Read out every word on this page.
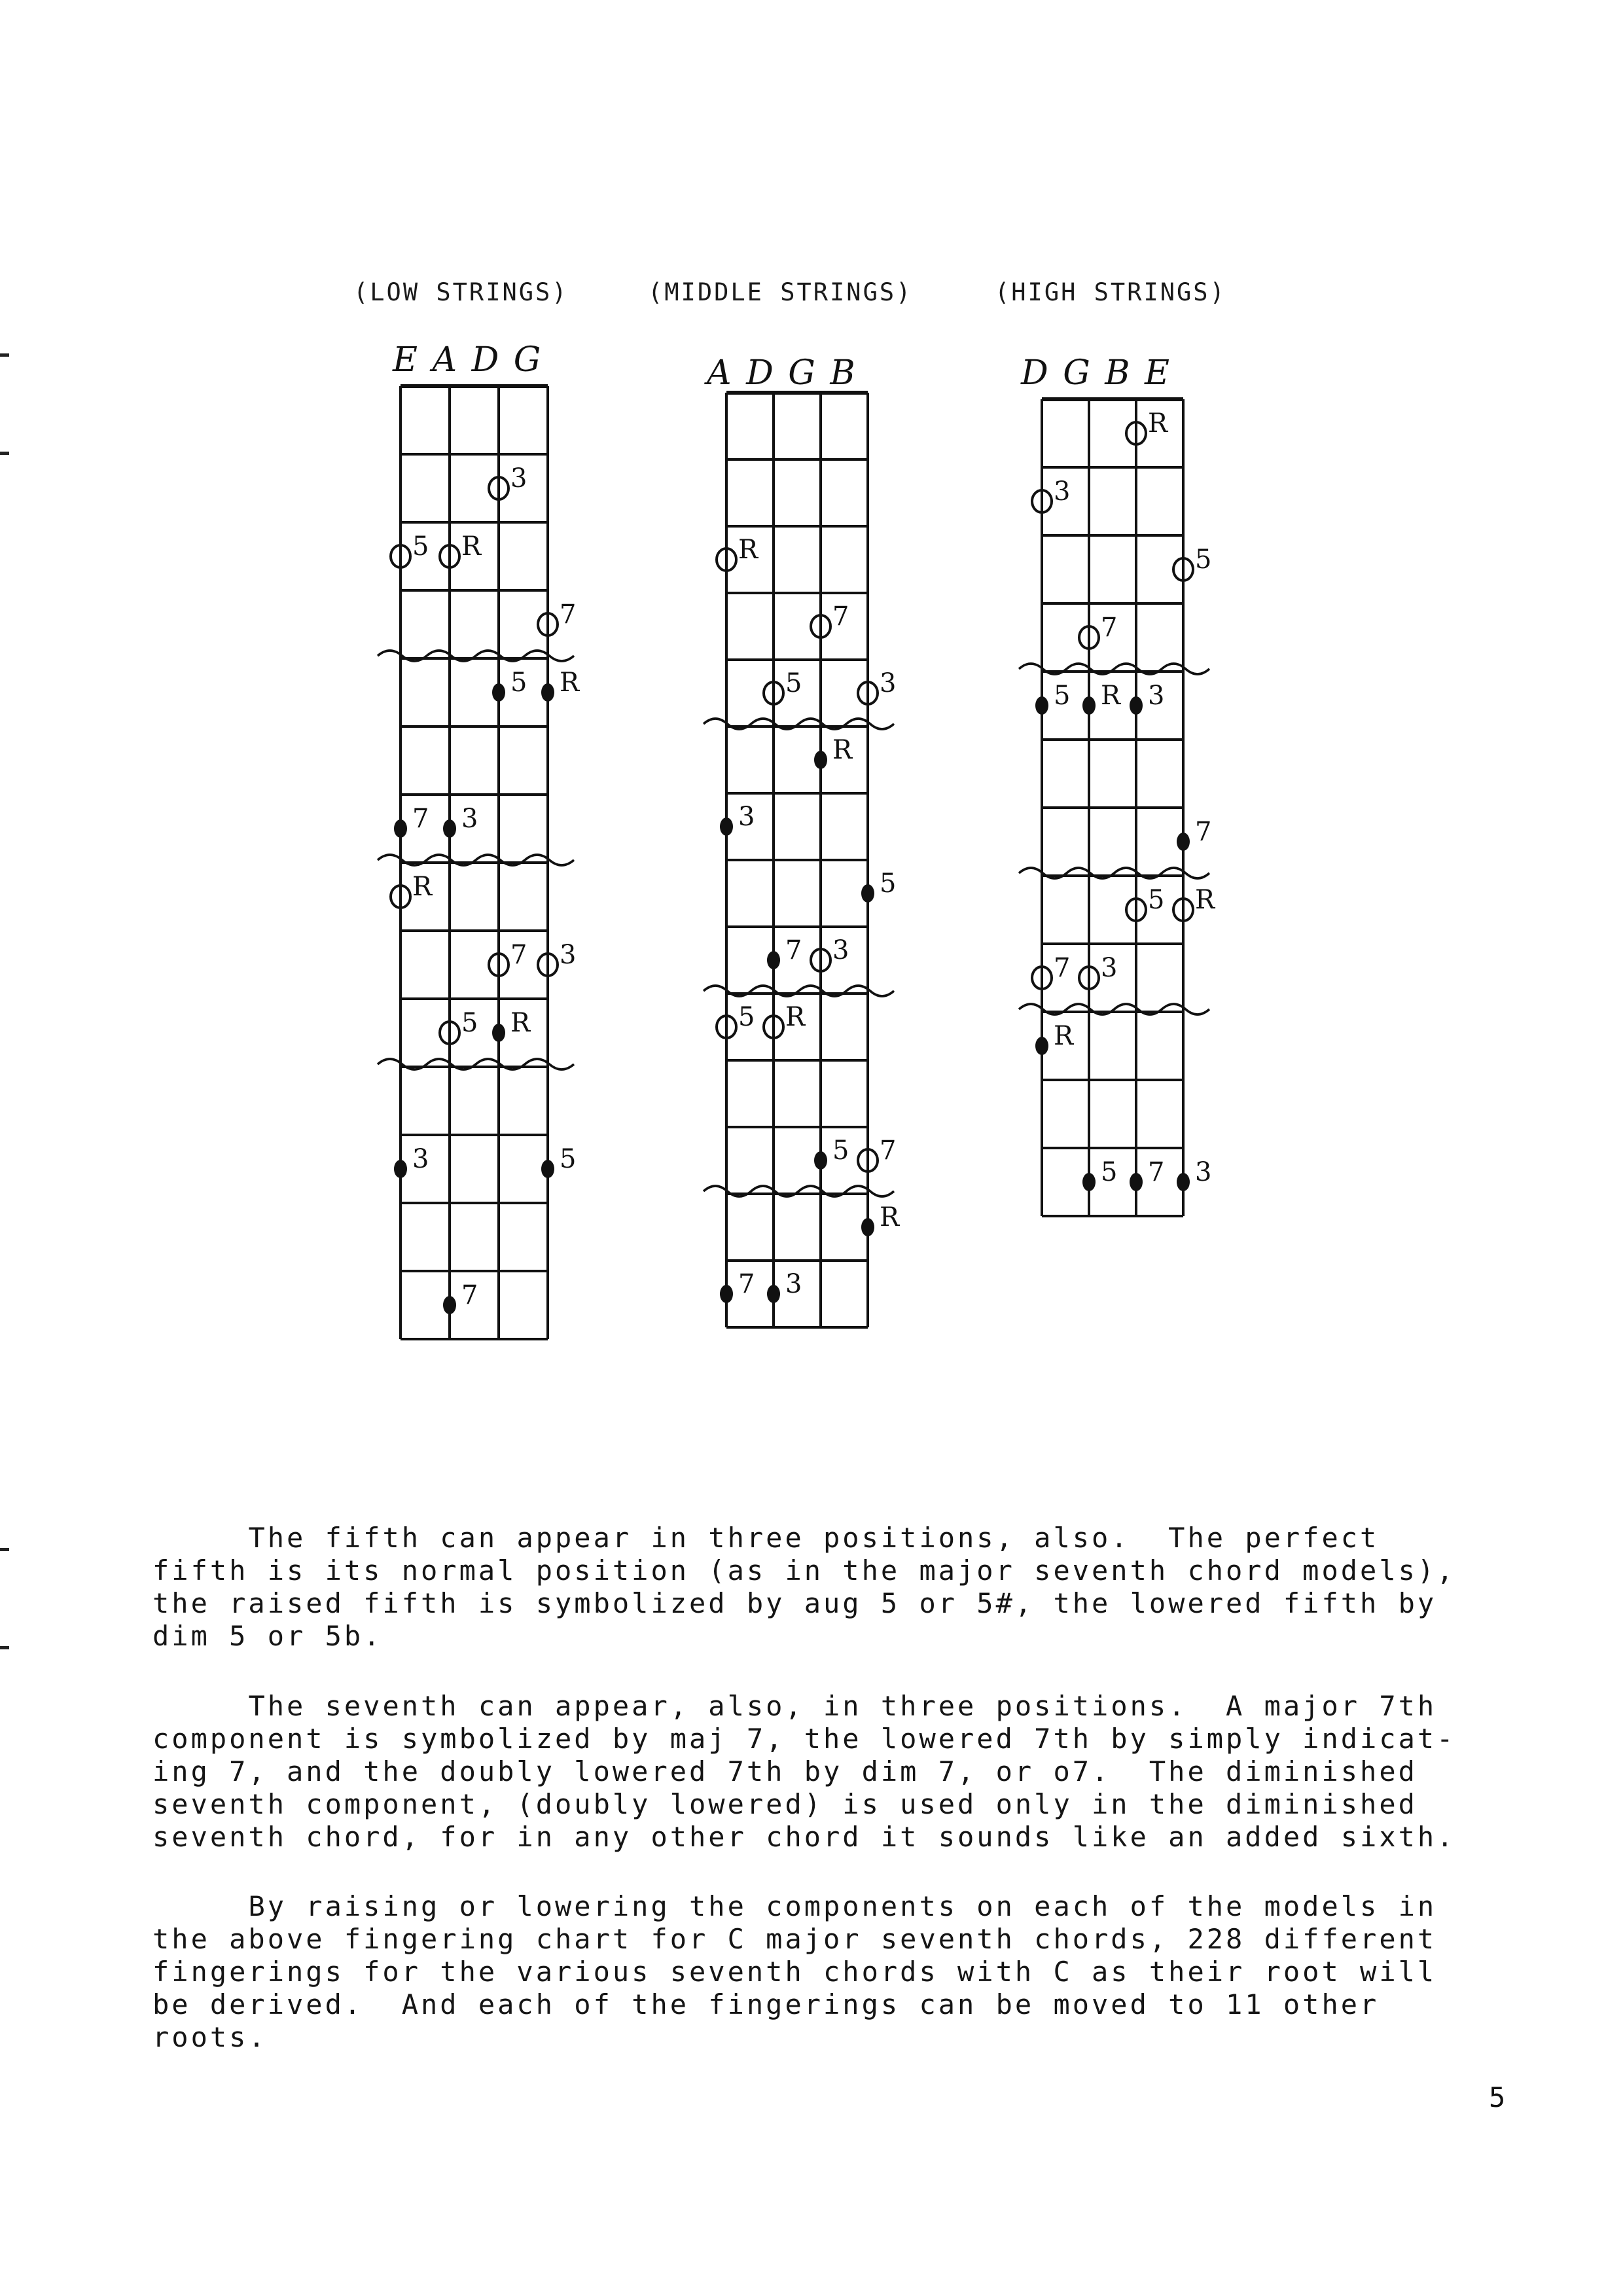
(LOW STRINGS)	(MIDDLE STRINGS)	(HIGH STRINGS)
E A D G	A D G B	D G B E
3
5 R
7
5 R
7 3
R
7 3
5 R
3	5
7
R
7
5	3
R
3
5
7 3
5 R
7
5
R
7 3
R
3
5
7
5 R 3
7
5 R
7 3
R
5 7 3
The fifth can appear in three positions, also.  The perfect
fifth is its normal position (as in the major seventh chord models),
the raised fifth is symbolized by aug 5 or 5#, the lowered fifth by
dim 5 or 5b.
The seventh can appear, also, in three positions.  A major 7th
component is symbolized by maj 7, the lowered 7th by simply indicat-
ing 7, and the doubly lowered 7th by dim 7, or o7.  The diminished
seventh component, (doubly lowered) is used only in the diminished
seventh chord, for in any other chord it sounds like an added sixth.
By raising or lowering the components on each of the models in
the above fingering chart for C major seventh chords, 228 different
fingerings for the various seventh chords with C as their root will
be derived.  And each of the fingerings can be moved to 11 other
roots.
5
